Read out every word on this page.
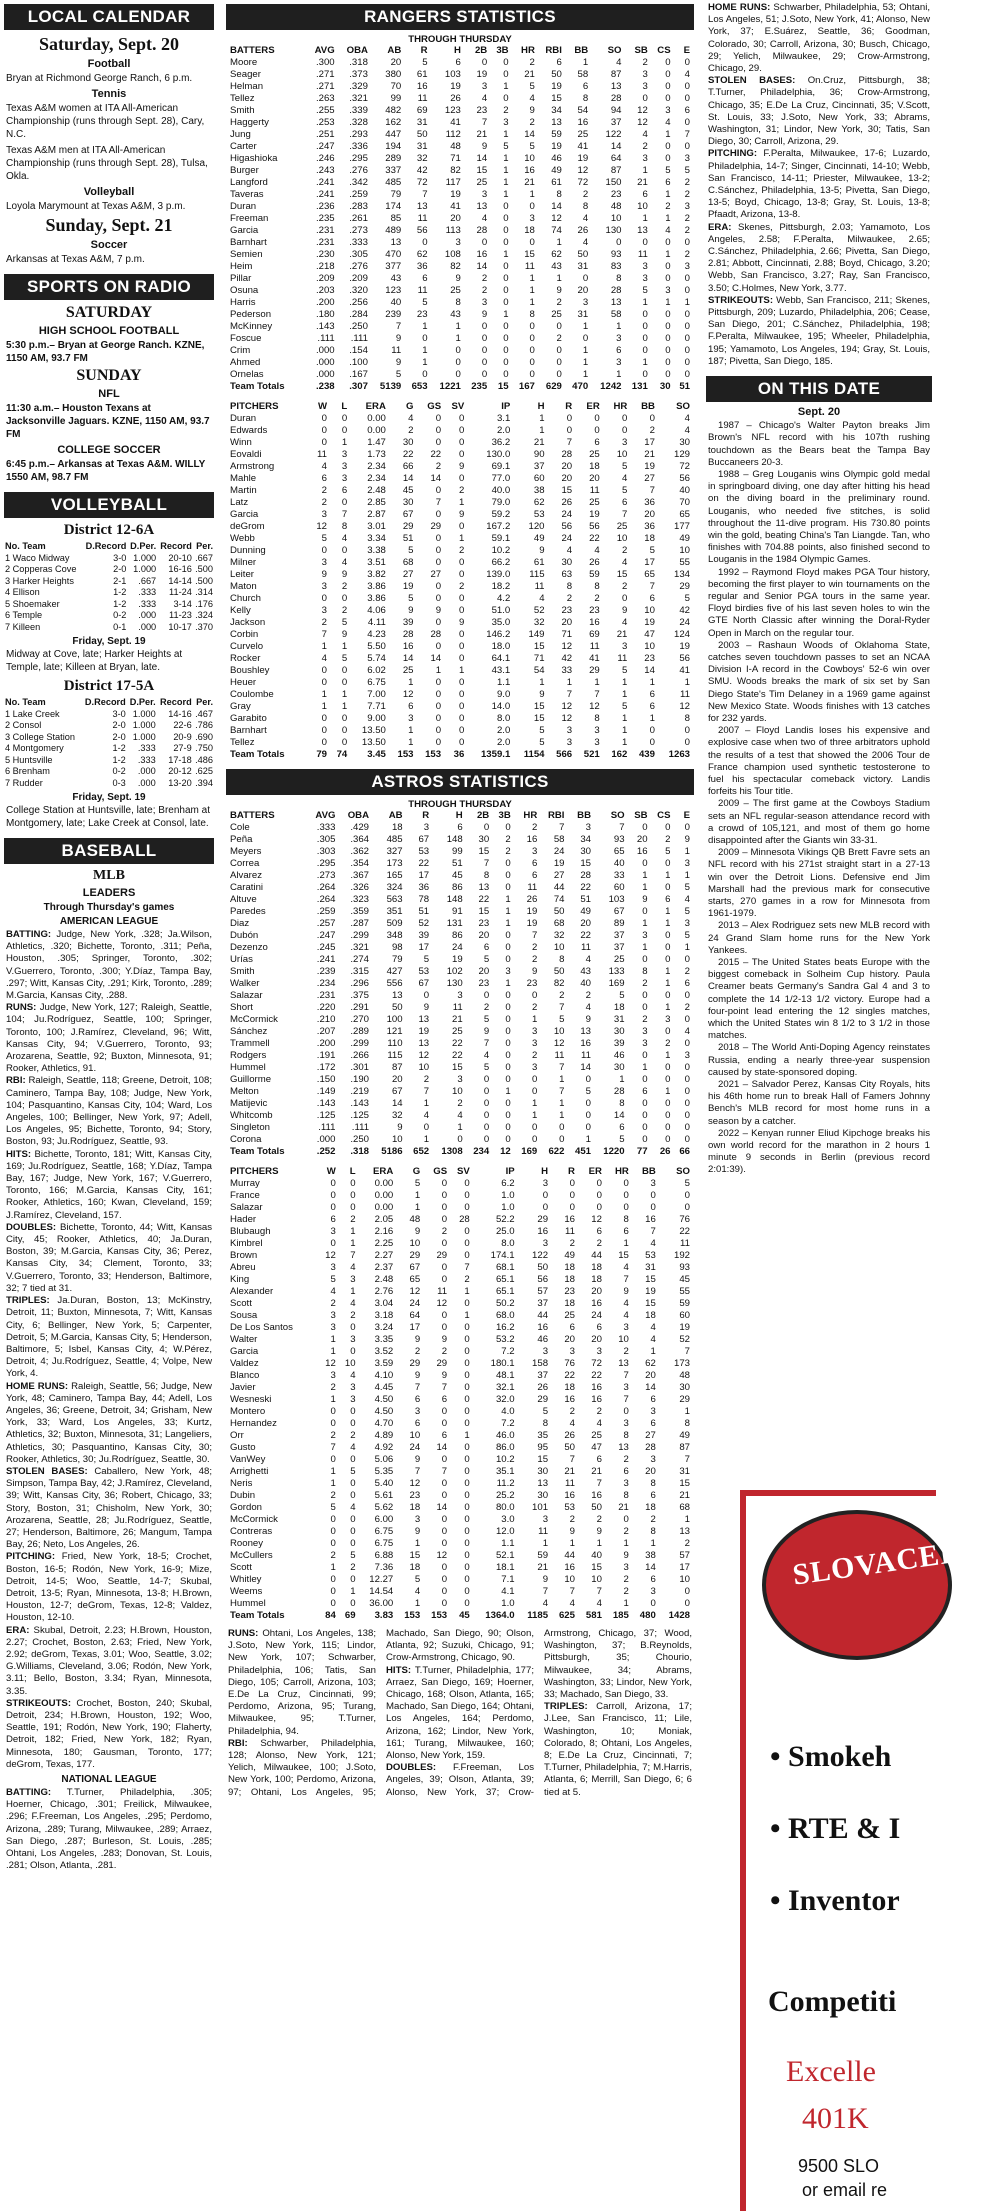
LOCAL CALENDAR
Saturday, Sept. 20
Football
Bryan at Richmond George Ranch, 6 p.m.
Tennis
Texas A&M women at ITA All-American Championship (runs through Sept. 28), Cary, N.C.
Texas A&M men at ITA All-American Championship (runs through Sept. 28), Tulsa, Okla.
Volleyball
Loyola Marymount at Texas A&M, 3 p.m.
Sunday, Sept. 21
Soccer
Arkansas at Texas A&M, 7 p.m.
SPORTS ON RADIO
SATURDAY
HIGH SCHOOL FOOTBALL
5:30 p.m.– Bryan at George Ranch. KZNE, 1150 AM, 93.7 FM
SUNDAY
NFL
11:30 a.m.– Houston Texans at Jacksonville Jaguars. KZNE, 1150 AM, 93.7 FM
COLLEGE SOCCER
6:45 p.m.– Arkansas at Texas A&M. WILLY 1550 AM, 98.7 FM
VOLLEYBALL
District 12-6A
No. Team	D.Record	D.Per.	Record	Per.
1 Waco Midway	3-0	1.000	20-10	.667
2 Copperas Cove	2-0	1.000	16-16	.500
3 Harker Heights	2-1	.667	14-14	.500
4 Ellison	1-2	.333	11-24	.314
5 Shoemaker	1-2	.333	3-14	.176
6 Temple	0-2	.000	11-23	.324
7 Killeen	0-1	.000	10-17	.370
Friday, Sept. 19
Midway at Cove, late; Harker Heights at Temple, late; Killeen at Bryan, late.
District 17-5A
No. Team	D.Record	D.Per.	Record	Per.
1 Lake Creek	3-0	1.000	14-16	.467
2 Consol	2-0	1.000	22-6	.786
3 College Station	2-0	1.000	20-9	.690
4 Montgomery	1-2	.333	27-9	.750
5 Huntsville	1-2	.333	17-18	.486
6 Brenham	0-2	.000	20-12	.625
7 Rudder	0-3	.000	13-20	.394
Friday, Sept. 19
College Station at Huntsville, late; Brenham at Montgomery, late; Lake Creek at Consol, late.
BASEBALL
MLB
LEADERS
Through Thursday's games
AMERICAN LEAGUE
BATTING: Judge, New York, .328; Ja.Wilson, Athletics, .320; Bichette, Toronto, .311; Peña, Houston, .305; Springer, Toronto, .302; V.Guerrero, Toronto, .300; Y.Díaz, Tampa Bay, .297; Witt, Kansas City, .291; Kirk, Toronto, .289; M.Garcia, Kansas City, .288.
RUNS: Judge, New York, 127; Raleigh, Seattle, 104; Ju.Rodríguez, Seattle, 100; Springer, Toronto, 100; J.Ramírez, Cleveland, 96; Witt, Kansas City, 94; V.Guerrero, Toronto, 93; Arozarena, Seattle, 92; Buxton, Minnesota, 91; Rooker, Athletics, 91.
RBI: Raleigh, Seattle, 118; Greene, Detroit, 108; Caminero, Tampa Bay, 108; Judge, New York, 104; Pasquantino, Kansas City, 104; Ward, Los Angeles, 100; Bellinger, New York, 97; Adell, Los Angeles, 95; Bichette, Toronto, 94; Story, Boston, 93; Ju.Rodríguez, Seattle, 93.
HITS: Bichette, Toronto, 181; Witt, Kansas City, 169; Ju.Rodríguez, Seattle, 168; Y.Díaz, Tampa Bay, 167; Judge, New York, 167; V.Guerrero, Toronto, 166; M.Garcia, Kansas City, 161; Rooker, Athletics, 160; Kwan, Cleveland, 159; J.Ramírez, Cleveland, 157.
DOUBLES: Bichette, Toronto, 44; Witt, Kansas City, 45; Rooker, Athletics, 40; Ja.Duran, Boston, 39; M.Garcia, Kansas City, 36; Perez, Kansas City, 34; Clement, Toronto, 33; V.Guerrero, Toronto, 33; Henderson, Baltimore, 32; 7 tied at 31.
TRIPLES: Ja.Duran, Boston, 13; McKinstry, Detroit, 11; Buxton, Minnesota, 7; Witt, Kansas City, 6; Bellinger, New York, 5; Carpenter, Detroit, 5; M.Garcia, Kansas City, 5; Henderson, Baltimore, 5; Isbel, Kansas City, 4; W.Pérez, Detroit, 4; Ju.Rodríguez, Seattle, 4; Volpe, New York, 4.
HOME RUNS: Raleigh, Seattle, 56; Judge, New York, 48; Caminero, Tampa Bay, 44; Adell, Los Angeles, 36; Greene, Detroit, 34; Grisham, New York, 33; Ward, Los Angeles, 33; Kurtz, Athletics, 32; Buxton, Minnesota, 31; Langeliers, Athletics, 30; Pasquantino, Kansas City, 30; Rooker, Athletics, 30; Ju.Rodríguez, Seattle, 30.
STOLEN BASES: Caballero, New York, 48; Simpson, Tampa Bay, 42; J.Ramírez, Cleveland, 39; Witt, Kansas City, 36; Robert, Chicago, 33; Story, Boston, 31; Chisholm, New York, 30; Arozarena, Seattle, 28; Ju.Rodríguez, Seattle, 27; Henderson, Baltimore, 26; Mangum, Tampa Bay, 26; Neto, Los Angeles, 26.
PITCHING: Fried, New York, 18-5; Crochet, Boston, 16-5; Rodón, New York, 16-9; Mize, Detroit, 14-5; Woo, Seattle, 14-7; Skubal, Detroit, 13-5; Ryan, Minnesota, 13-8; H.Brown, Houston, 12-7; deGrom, Texas, 12-8; Valdez, Houston, 12-10.
ERA: Skubal, Detroit, 2.23; H.Brown, Houston, 2.27; Crochet, Boston, 2.63; Fried, New York, 2.92; deGrom, Texas, 3.01; Woo, Seattle, 3.02; G.Williams, Cleveland, 3.06; Rodón, New York, 3.11; Bello, Boston, 3.34; Ryan, Minnesota, 3.35.
STRIKEOUTS: Crochet, Boston, 240; Skubal, Detroit, 234; H.Brown, Houston, 192; Woo, Seattle, 191; Rodón, New York, 190; Flaherty, Detroit, 182; Fried, New York, 182; Ryan, Minnesota, 180; Gausman, Toronto, 177; deGrom, Texas, 177.
NATIONAL LEAGUE
BATTING: T.Turner, Philadelphia, .305; Hoerner, Chicago, .301; Freilick, Milwaukee, .296; F.Freeman, Los Angeles, .295; Perdomo, Arizona, .289; Turang, Milwaukee, .289; Arraez, San Diego, .287; Burleson, St. Louis, .285; Ohtani, Los Angeles, .283; Donovan, St. Louis, .281; Olson, Atlanta, .281.
RANGERS STATISTICS
THROUGH THURSDAY
BATTERS	AVG	OBA	AB	R	H	2B	3B	HR	RBI	BB	SO	SB	CS	E
Moore	.300	.318	20	5	6	0	0	2	6	1	4	2	0	0
Seager	.271	.373	380	61	103	19	0	21	50	58	87	3	0	4
Helman	.271	.329	70	16	19	3	1	5	19	6	13	3	0	0
Tellez	.263	.321	99	11	26	4	0	4	15	8	28	0	0	0
Smith	.255	.339	482	69	123	23	2	9	34	54	94	12	3	6
Haggerty	.253	.328	162	31	41	7	3	2	13	16	37	12	4	0
Jung	.251	.293	447	50	112	21	1	14	59	25	122	4	1	7
Carter	.247	.336	194	31	48	9	5	5	19	41	14	2	0	0
Higashioka	.246	.295	289	32	71	14	1	10	46	19	64	3	0	3
Burger	.243	.276	337	42	82	15	1	16	49	12	87	1	5	5
Langford	.241	.342	485	72	117	25	1	21	61	72	150	21	6	2
Taveras	.241	.259	79	7	19	3	1	1	8	2	23	6	1	2
Duran	.236	.283	174	13	41	13	0	0	14	8	48	10	2	3
Freeman	.235	.261	85	11	20	4	0	3	12	4	10	1	1	2
Garcia	.231	.273	489	56	113	28	0	18	74	26	130	13	4	2
Barnhart	.231	.333	13	0	3	0	0	0	1	4	0	0	0	0
Semien	.230	.305	470	62	108	16	1	15	62	50	93	11	1	2
Heim	.218	.276	377	36	82	14	0	11	43	31	83	3	0	3
Pillar	.209	.209	43	6	9	2	0	1	1	0	8	3	0	0
Osuna	.203	.320	123	11	25	2	0	1	9	20	28	5	3	0
Harris	.200	.256	40	5	8	3	0	1	2	3	13	1	1	1
Pederson	.180	.284	239	23	43	9	1	8	25	31	58	0	0	0
McKinney	.143	.250	7	1	1	0	0	0	0	1	1	0	0	0
Foscue	.111	.111	9	0	1	0	0	0	2	0	3	0	0	0
Crim	.000	.154	11	1	0	0	0	0	0	1	6	0	0	0
Ahmed	.000	.100	9	1	0	0	0	0	0	1	3	1	0	0
Ornelas	.000	.167	5	0	0	0	0	0	0	1	1	0	0	0
Team Totals	.238	.307	5139	653	1221	235	15	167	629	470	1242	131	30	51
PITCHERS	W	L	ERA	G	GS	SV	IP	H	R	ER	HR	BB	SO
Duran	0	0	0.00	4	0	0	3.1	1	0	0	0	0	4
Edwards	0	0	0.00	2	0	0	2.0	1	0	0	0	2	4
Winn	0	1	1.47	30	0	0	36.2	21	7	6	3	17	30
Eovaldi	11	3	1.73	22	22	0	130.0	90	28	25	10	21	129
Armstrong	4	3	2.34	66	2	9	69.1	37	20	18	5	19	72
Mahle	6	3	2.34	14	14	0	77.0	60	20	20	4	27	56
Martin	2	6	2.48	45	0	2	40.0	38	15	11	5	7	40
Latz	2	0	2.85	30	7	1	79.0	62	26	25	6	36	70
Garcia	3	7	2.87	67	0	9	59.2	53	24	19	7	20	65
deGrom	12	8	3.01	29	29	0	167.2	120	56	56	25	36	177
Webb	5	4	3.34	51	0	1	59.1	49	24	22	10	18	49
Dunning	0	0	3.38	5	0	2	10.2	9	4	4	2	5	10
Milner	3	4	3.51	68	0	0	66.2	61	30	26	4	17	55
Leiter	9	9	3.82	27	27	0	139.0	115	63	59	15	65	134
Maton	3	2	3.86	19	0	2	18.2	11	8	8	2	7	29
Church	0	0	3.86	5	0	0	4.2	4	2	2	0	6	5
Kelly	3	2	4.06	9	9	0	51.0	52	23	23	9	10	42
Jackson	2	5	4.11	39	0	9	35.0	32	20	16	4	19	24
Corbin	7	9	4.23	28	28	0	146.2	149	71	69	21	47	124
Curvelo	1	1	5.50	16	0	0	18.0	15	12	11	3	10	19
Rocker	4	5	5.74	14	14	0	64.1	71	42	41	11	23	56
Boushley	0	0	6.02	25	1	1	43.1	54	33	29	5	14	41
Heuer	0	0	6.75	1	0	0	1.1	1	1	1	1	1	1
Coulombe	1	1	7.00	12	0	0	9.0	9	7	7	1	6	11
Gray	1	1	7.71	6	0	0	14.0	15	12	12	5	6	12
Garabito	0	0	9.00	3	0	0	8.0	15	12	8	1	1	8
Barnhart	0	0	13.50	1	0	0	2.0	5	3	3	1	0	0
Tellez	0	0	13.50	1	0	0	2.0	5	3	3	1	0	0
Team Totals	79	74	3.45	153	153	36	1359.1	1154	566	521	162	439	1263
ASTROS STATISTICS
THROUGH THURSDAY
BATTERS	AVG	OBA	AB	R	H	2B	3B	HR	RBI	BB	SO	SB	CS	E
Cole	.333	.429	18	3	6	0	0	2	7	3	7	0	0	0
Peña	.305	.364	485	67	148	30	2	16	58	34	93	20	2	9
Meyers	.303	.362	327	53	99	15	2	3	24	30	65	16	5	1
Correa	.295	.354	173	22	51	7	0	6	19	15	40	0	0	3
Alvarez	.273	.367	165	17	45	8	0	6	27	28	33	1	1	1
Caratini	.264	.326	324	36	86	13	0	11	44	22	60	1	0	5
Altuve	.264	.323	563	78	148	22	1	26	74	51	103	9	6	4
Paredes	.259	.359	351	51	91	15	1	19	50	49	67	0	1	5
Diaz	.257	.287	509	52	131	23	1	19	68	20	89	1	1	3
Dubón	.247	.299	348	39	86	20	0	7	32	22	37	3	0	5
Dezenzo	.245	.321	98	17	24	6	0	2	10	11	37	1	0	1
Urías	.241	.274	79	5	19	5	0	2	8	4	25	0	0	0
Smith	.239	.315	427	53	102	20	3	9	50	43	133	8	1	2
Walker	.234	.296	556	67	130	23	1	23	82	40	169	2	1	6
Salazar	.231	.375	13	0	3	0	0	0	2	2	5	0	0	0
Short	.220	.291	50	9	11	2	0	2	7	4	18	0	1	2
McCormick	.210	.270	100	13	21	5	0	1	5	9	31	2	3	0
Sánchez	.207	.289	121	19	25	9	0	3	10	13	30	3	0	4
Trammell	.200	.299	110	13	22	7	0	3	12	16	39	3	2	0
Rodgers	.191	.266	115	12	22	4	0	2	11	11	46	0	1	3
Hummel	.172	.301	87	10	15	5	0	3	7	14	30	1	0	0
Guillorme	.150	.190	20	2	3	0	0	0	1	0	1	0	0	0
Melton	.149	.219	67	7	10	0	1	0	7	5	28	6	1	0
Matijevic	.143	.143	14	1	2	0	0	1	1	0	8	0	0	0
Whitcomb	.125	.125	32	4	4	0	0	1	1	0	14	0	0	0
Singleton	.111	.111	9	0	1	0	0	0	0	0	6	0	0	0
Corona	.000	.250	10	1	0	0	0	0	0	1	5	0	0	0
Team Totals	.252	.318	5186	652	1308	234	12	169	622	451	1220	77	26	66
PITCHERS	W	L	ERA	G	GS	SV	IP	H	R	ER	HR	BB	SO
Murray	0	0	0.00	5	0	0	6.2	3	0	0	0	3	5
France	0	0	0.00	1	0	0	1.0	0	0	0	0	0	0
Salazar	0	0	0.00	1	0	0	1.0	0	0	0	0	0	0
Hader	6	2	2.05	48	0	28	52.2	29	16	12	8	16	76
Blubaugh	3	1	2.16	9	2	0	25.0	16	11	6	6	7	22
Kimbrel	0	1	2.25	10	0	0	8.0	3	2	2	1	4	11
Brown	12	7	2.27	29	29	0	174.1	122	49	44	15	53	192
Abreu	3	4	2.37	67	0	7	68.1	50	18	18	4	31	93
King	5	3	2.48	65	0	2	65.1	56	18	18	7	15	45
Alexander	4	1	2.76	12	11	1	65.1	57	23	20	9	19	55
Scott	2	4	3.04	24	12	0	50.2	37	18	16	4	15	59
Sousa	3	2	3.18	64	0	1	68.0	44	25	24	4	18	60
De Los Santos	3	0	3.24	17	0	0	16.2	16	6	6	3	4	19
Walter	1	3	3.35	9	9	0	53.2	46	20	20	10	4	52
Garcia	1	0	3.52	2	2	0	7.2	3	3	3	2	1	7
Valdez	12	10	3.59	29	29	0	180.1	158	76	72	13	62	173
Blanco	3	4	4.10	9	9	0	48.1	37	22	22	7	20	48
Javier	2	3	4.45	7	7	0	32.1	26	18	16	3	14	30
Wesneski	1	3	4.50	6	6	0	32.0	29	16	16	7	6	29
Montero	0	0	4.50	3	0	0	4.0	5	2	2	0	3	1
Hernandez	0	0	4.70	6	0	0	7.2	8	4	4	3	6	8
Orr	2	2	4.89	10	6	1	46.0	35	26	25	8	27	49
Gusto	7	4	4.92	24	14	0	86.0	95	50	47	13	28	87
VanWey	0	0	5.06	9	0	0	10.2	15	7	6	2	3	7
Arrighetti	1	5	5.35	7	7	0	35.1	30	21	21	6	20	31
Neris	1	0	5.40	12	0	0	11.2	13	11	7	3	8	15
Dubin	2	0	5.61	23	0	0	25.2	30	16	16	8	6	21
Gordon	5	4	5.62	18	14	0	80.0	101	53	50	21	18	68
McCormick	0	0	6.00	3	0	0	3.0	3	2	2	0	2	1
Contreras	0	0	6.75	9	0	0	12.0	11	9	9	2	8	13
Rooney	0	0	6.75	1	0	0	1.1	1	1	1	1	1	2
McCullers	2	5	6.88	15	12	0	52.1	59	44	40	9	38	57
Scott	1	2	7.36	18	0	0	18.1	21	16	15	3	14	17
Whitley	0	0	12.27	5	0	0	7.1	9	10	10	2	6	10
Weems	0	1	14.54	4	0	0	4.1	7	7	7	2	3	0
Hummel	0	0	36.00	1	0	0	1.0	4	4	4	1	0	0
Team Totals	84	69	3.83	153	153	45	1364.0	1185	625	581	185	480	1428
RUNS: Ohtani, Los Angeles, 138; J.Soto, New York, 115; Lindor, New York, 107; Schwarber, Philadelphia, 106; Tatis, San Diego, 105; Carroll, Arizona, 103; E.De La Cruz, Cincinnati, 99; Perdomo, Arizona, 95; Turang, Milwaukee, 95; T.Turner, Philadelphia, 94.
RBI: Schwarber, Philadelphia, 128; Alonso, New York, 121; Yelich, Milwaukee, 100; J.Soto, New York, 100; Perdomo, Arizona, 97; Ohtani, Los Angeles, 95; Machado, San Diego, 90; Olson, Atlanta, 92; Suzuki, Chicago, 91; Crow-Armstrong, Chicago, 90.
HITS: T.Turner, Philadelphia, 177; Arraez, San Diego, 169; Hoerner, Chicago, 168; Olson, Atlanta, 165; Machado, San Diego, 164; Ohtani, Los Angeles, 164; Perdomo, Arizona, 162; Lindor, New York, 161; Turang, Milwaukee, 160; Alonso, New York, 159.
DOUBLES: F.Freeman, Los Angeles, 39; Olson, Atlanta, 39; Alonso, New York, 37; Crow-Armstrong, Chicago, 37; Wood, Washington, 37; B.Reynolds, Pittsburgh, 35; Chourio, Milwaukee, 34; Abrams, Washington, 33; Lindor, New York, 33; Machado, San Diego, 33.
TRIPLES: Carroll, Arizona, 17; J.Lee, San Francisco, 11; Lile, Washington, 10; Moniak, Colorado, 8; Ohtani, Los Angeles, 8; E.De La Cruz, Cincinnati, 7; T.Turner, Philadelphia, 7; M.Harris, Atlanta, 6; Merrill, San Diego, 6; 6 tied at 5.
HOME RUNS: Schwarber, Philadelphia, 53; Ohtani, Los Angeles, 51; J.Soto, New York, 41; Alonso, New York, 37; E.Suárez, Seattle, 36; Goodman, Colorado, 30; Carroll, Arizona, 30; Busch, Chicago, 29; Yelich, Milwaukee, 29; Crow-Armstrong, Chicago, 29.
STOLEN BASES: On.Cruz, Pittsburgh, 38; T.Turner, Philadelphia, 36; Crow-Armstrong, Chicago, 35; E.De La Cruz, Cincinnati, 35; V.Scott, St. Louis, 33; J.Soto, New York, 33; Abrams, Washington, 31; Lindor, New York, 30; Tatis, San Diego, 30; Carroll, Arizona, 29.
PITCHING: F.Peralta, Milwaukee, 17-6; Luzardo, Philadelphia, 14-7; Singer, Cincinnati, 14-10; Webb, San Francisco, 14-11; Priester, Milwaukee, 13-2; C.Sánchez, Philadelphia, 13-5; Pivetta, San Diego, 13-5; Boyd, Chicago, 13-8; Gray, St. Louis, 13-8; Pfaadt, Arizona, 13-8.
ERA: Skenes, Pittsburgh, 2.03; Yamamoto, Los Angeles, 2.58; F.Peralta, Milwaukee, 2.65; C.Sánchez, Philadelphia, 2.66; Pivetta, San Diego, 2.81; Abbott, Cincinnati, 2.88; Boyd, Chicago, 3.20; Webb, San Francisco, 3.27; Ray, San Francisco, 3.50; C.Holmes, New York, 3.77.
STRIKEOUTS: Webb, San Francisco, 211; Skenes, Pittsburgh, 209; Luzardo, Philadelphia, 206; Cease, San Diego, 201; C.Sánchez, Philadelphia, 198; F.Peralta, Milwaukee, 195; Wheeler, Philadelphia, 195; Yamamoto, Los Angeles, 194; Gray, St. Louis, 187; Pivetta, San Diego, 185.
ON THIS DATE
Sept. 20
1987 – Chicago's Walter Payton breaks Jim Brown's NFL record with his 107th rushing touchdown as the Bears beat the Tampa Bay Buccaneers 20-3.
1988 – Greg Louganis wins Olympic gold medal in springboard diving, one day after hitting his head on the diving board in the preliminary round. Louganis, who needed five stitches, is solid throughout the 11-dive program. His 730.80 points win the gold, beating China's Tan Liangde. Tan, who finishes with 704.88 points, also finished second to Louganis in the 1984 Olympic Games.
1992 – Raymond Floyd makes PGA Tour history, becoming the first player to win tournaments on the regular and Senior PGA tours in the same year. Floyd birdies five of his last seven holes to win the GTE North Classic after winning the Doral-Ryder Open in March on the regular tour.
2003 – Rashaun Woods of Oklahoma State, catches seven touchdown passes to set an NCAA Division I-A record in the Cowboys' 52-6 win over SMU. Woods breaks the mark of six set by San Diego State's Tim Delaney in a 1969 game against New Mexico State. Woods finishes with 13 catches for 232 yards.
2007 – Floyd Landis loses his expensive and explosive case when two of three arbitrators uphold the results of a test that showed the 2006 Tour de France champion used synthetic testosterone to fuel his spectacular comeback victory. Landis forfeits his Tour title.
2009 – The first game at the Cowboys Stadium sets an NFL regular-season attendance record with a crowd of 105,121, and most of them go home disappointed after the Giants win 33-31.
2009 – Minnesota Vikings QB Brett Favre sets an NFL record with his 271st straight start in a 27-13 win over the Detroit Lions. Defensive end Jim Marshall had the previous mark for consecutive starts, 270 games in a row for Minnesota from 1961-1979.
2013 – Alex Rodriguez sets new MLB record with 24 Grand Slam home runs for the New York Yankees.
2015 – The United States beats Europe with the biggest comeback in Solheim Cup history. Paula Creamer beats Germany's Sandra Gal 4 and 3 to complete the 14 1/2-13 1/2 victory. Europe had a four-point lead entering the 12 singles matches, which the United States win 8 1/2 to 3 1/2 in those matches.
2018 – The World Anti-Doping Agency reinstates Russia, ending a nearly three-year suspension caused by state-sponsored doping.
2021 – Salvador Perez, Kansas City Royals, hits his 46th home run to break Hall of Famers Johnny Bench's MLB record for most home runs in a season by a catcher.
2022 – Kenyan runner Eliud Kipchoge breaks his own world record for the marathon in 2 hours 1 minute 9 seconds in Berlin (previous record 2:01:39).
SLOVACEK'S
• Smokeh
• RTE & I
• Inventor
Competiti
Excelle
401K
9500 SLO
or email re
